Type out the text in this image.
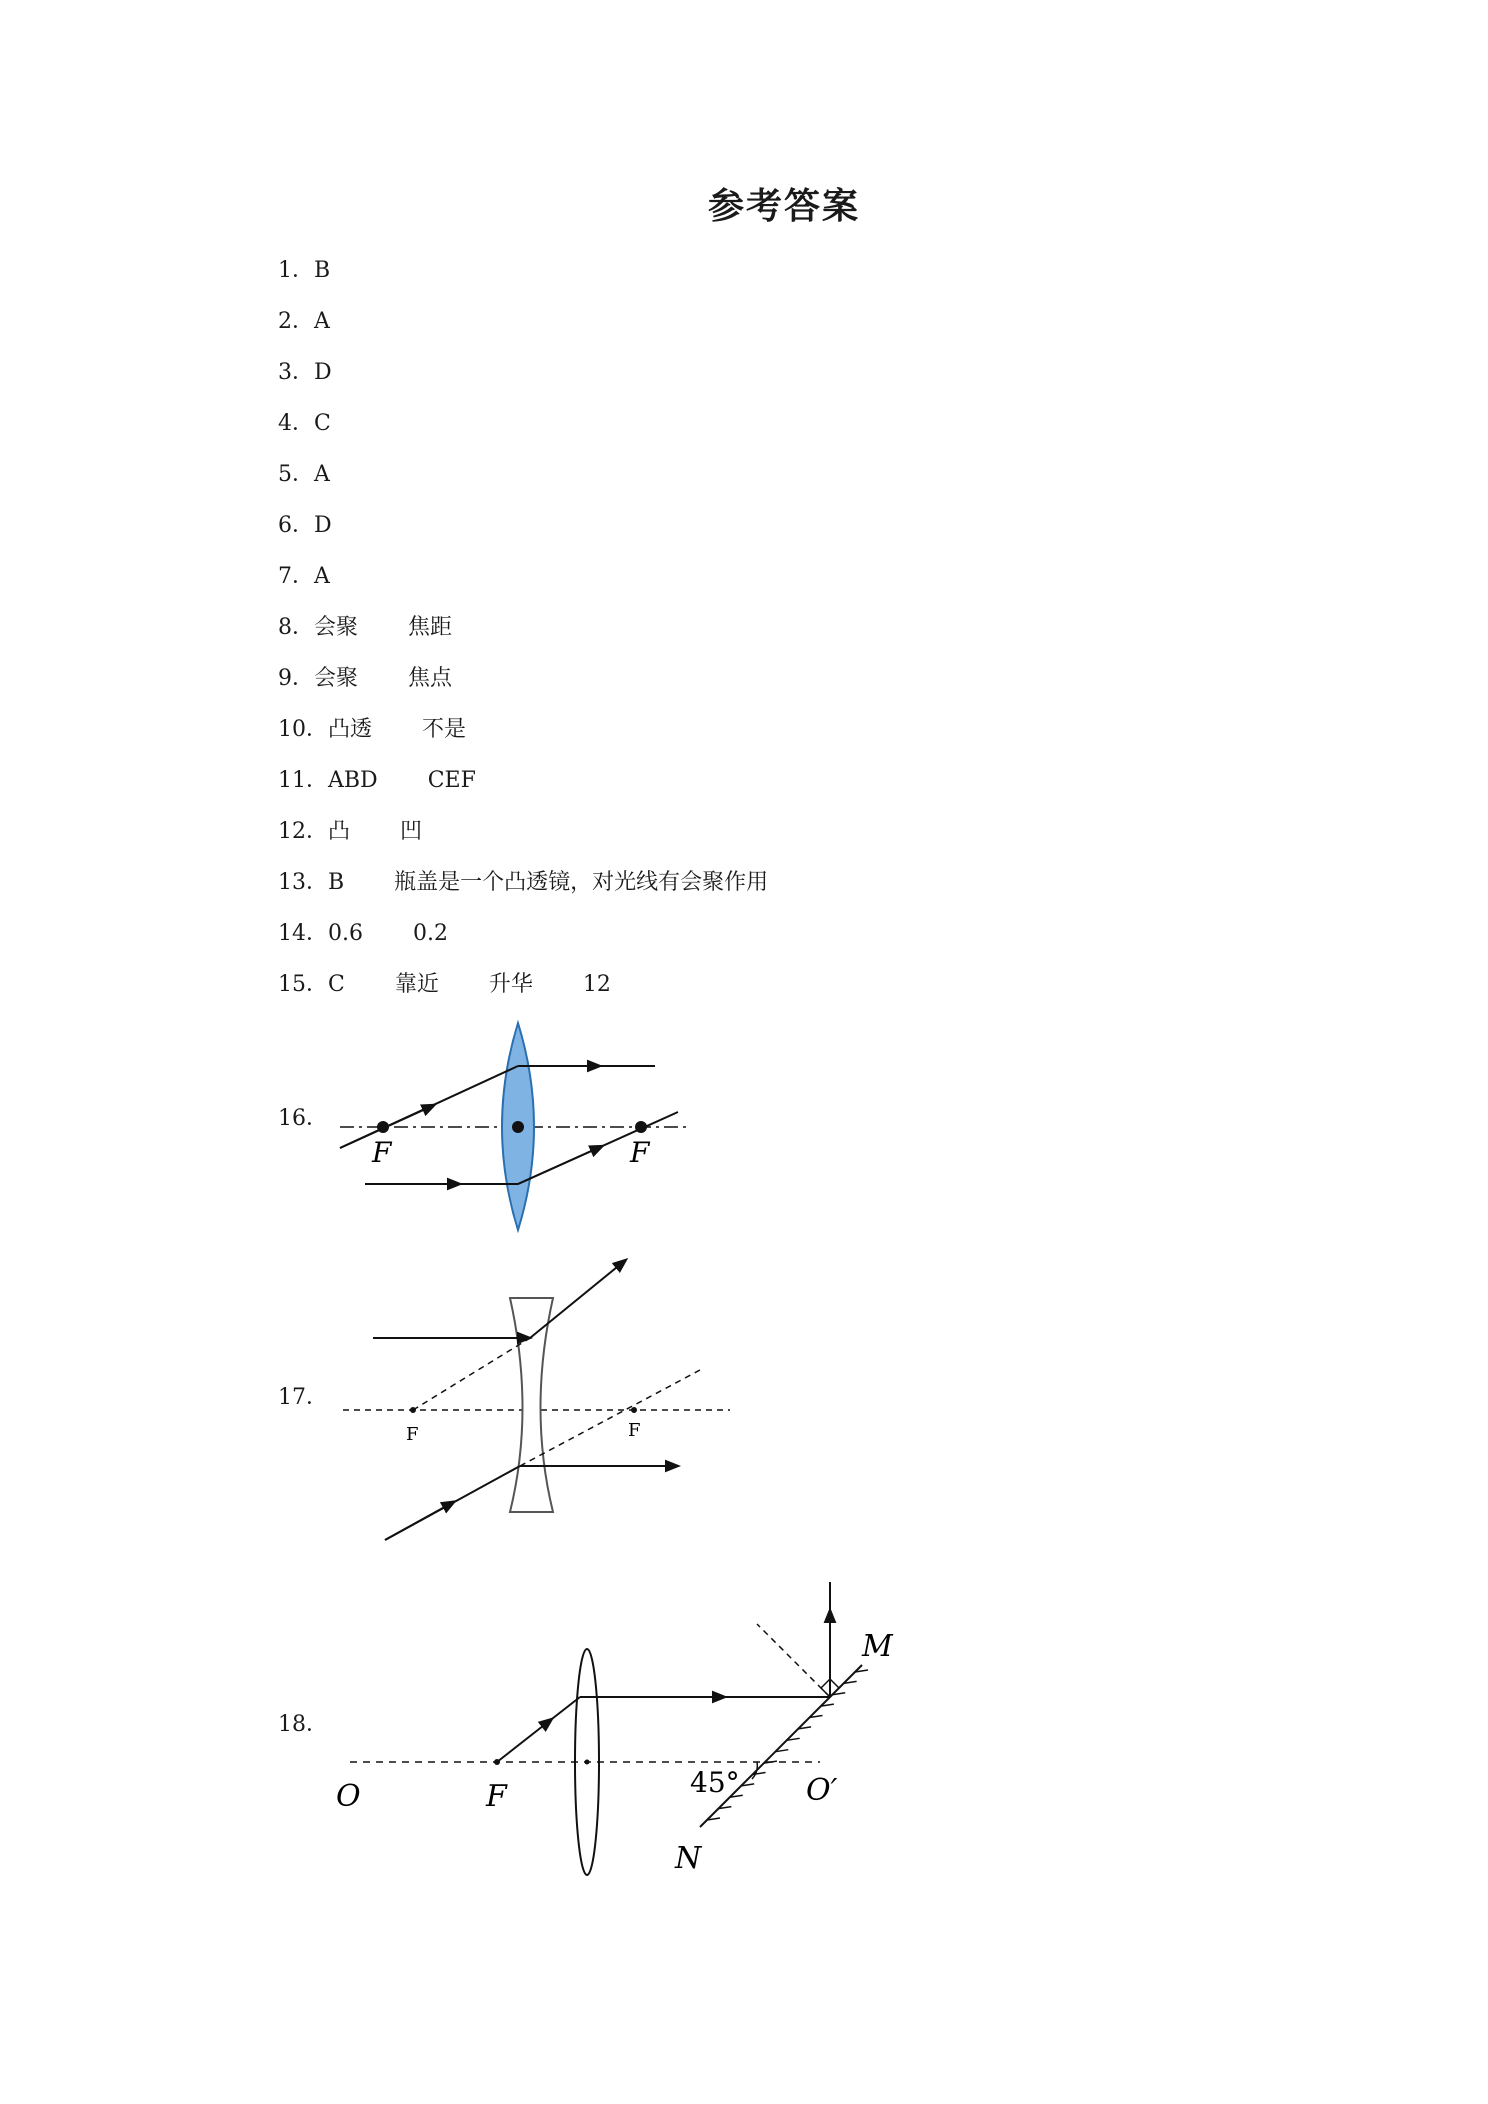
参考答案
1．B
2．A
3．D
4．C
5．A
6．D
7．A
8．会聚 焦距
9．会聚 焦点
10．凸透 不是
11．ABD CEF
12．凸 凹
13．B 瓶盖是一个凸透镜，对光线有会聚作用
14．0.6 0.2
15．C 靠近 升华 12
16．
17．
18．
F	F
F	F
O	F	O′
45°
M
N
